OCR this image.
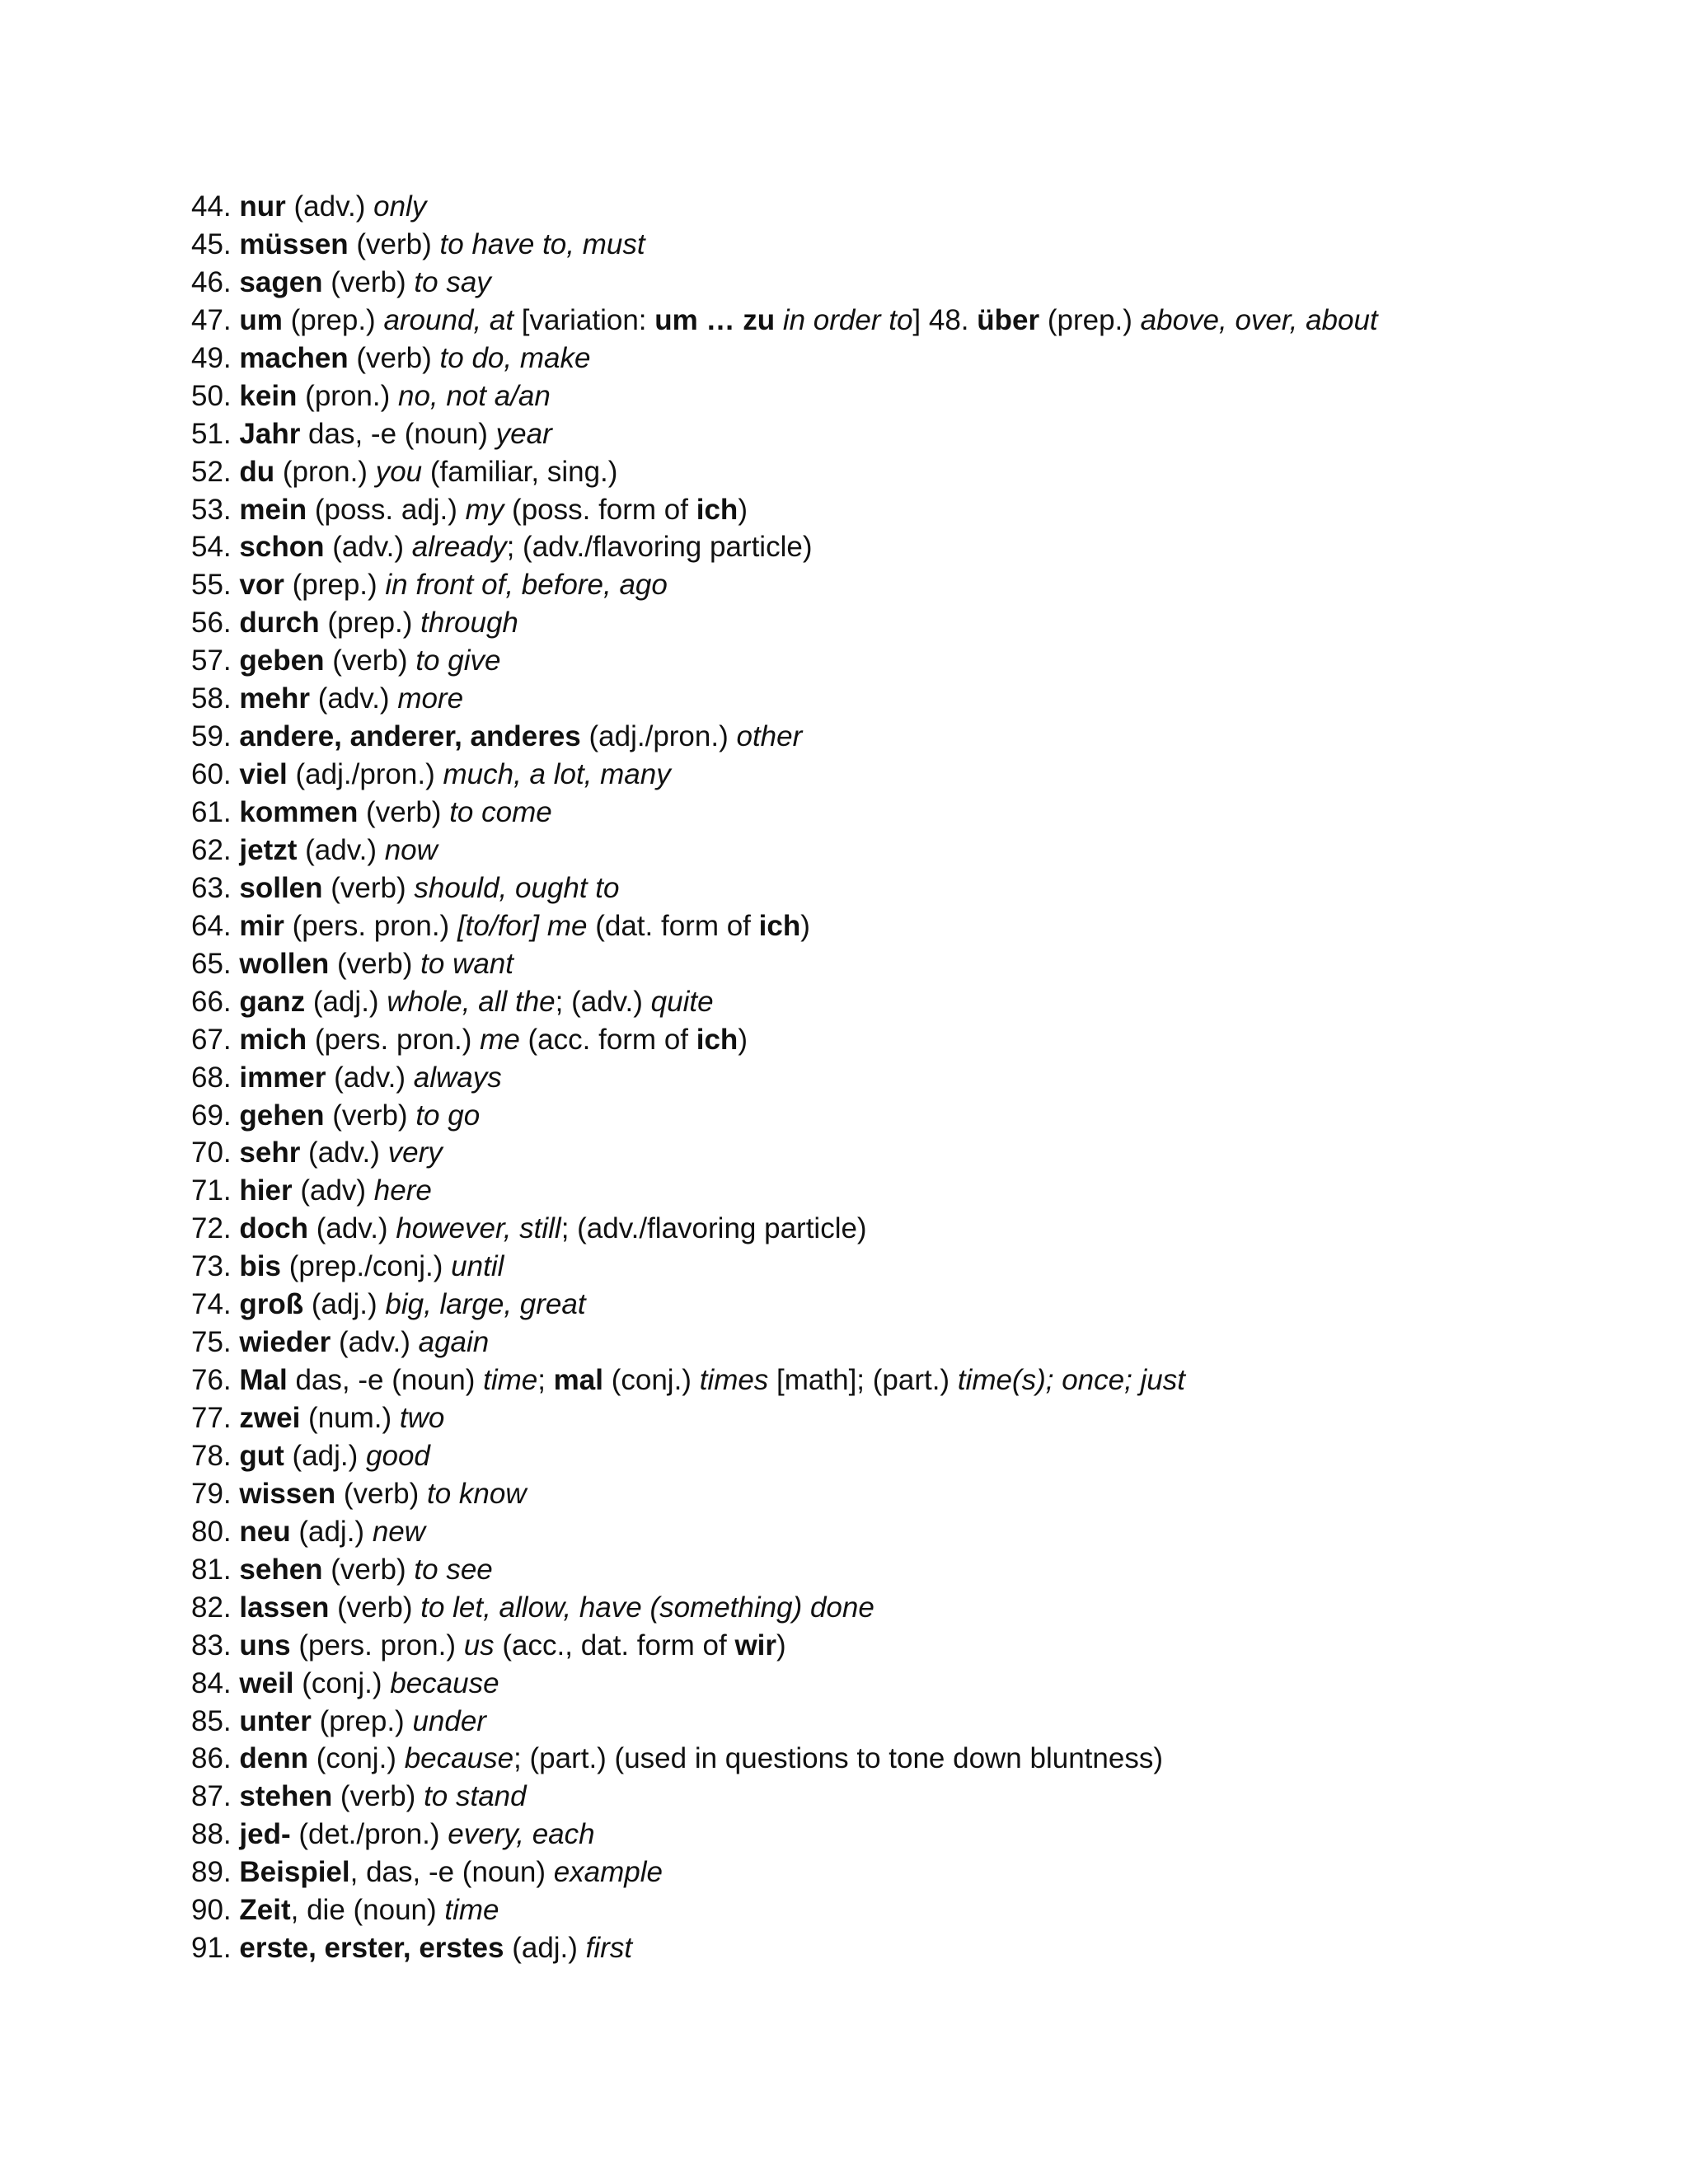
44. nur (adv.) only
45. müssen (verb) to have to, must
46. sagen (verb) to say
47. um (prep.) around, at [variation: um … zu in order to] 48. über (prep.) above, over, about
49. machen (verb) to do, make
50. kein (pron.) no, not a/an
51. Jahr das, -e (noun) year
52. du (pron.) you (familiar, sing.)
53. mein (poss. adj.) my (poss. form of ich)
54. schon (adv.) already; (adv./flavoring particle)
55. vor (prep.) in front of, before, ago
56. durch (prep.) through
57. geben (verb) to give
58. mehr (adv.) more
59. andere, anderer, anderes (adj./pron.) other
60. viel (adj./pron.) much, a lot, many
61. kommen (verb) to come
62. jetzt (adv.) now
63. sollen (verb) should, ought to
64. mir (pers. pron.) [to/for] me (dat. form of ich)
65. wollen (verb) to want
66. ganz (adj.) whole, all the; (adv.) quite
67. mich (pers. pron.) me (acc. form of ich)
68. immer (adv.) always
69. gehen (verb) to go
70. sehr (adv.) very
71. hier (adv) here
72. doch (adv.) however, still; (adv./flavoring particle)
73. bis (prep./conj.) until
74. groß (adj.) big, large, great
75. wieder (adv.) again
76. Mal das, -e (noun) time; mal (conj.) times [math]; (part.) time(s); once; just
77. zwei (num.) two
78. gut (adj.) good
79. wissen (verb) to know
80. neu (adj.) new
81. sehen (verb) to see
82. lassen (verb) to let, allow, have (something) done
83. uns (pers. pron.) us (acc., dat. form of wir)
84. weil (conj.) because
85. unter (prep.) under
86. denn (conj.) because; (part.) (used in questions to tone down bluntness)
87. stehen (verb) to stand
88. jed- (det./pron.) every, each
89. Beispiel, das, -e (noun) example
90. Zeit, die (noun) time
91. erste, erster, erstes (adj.) first
